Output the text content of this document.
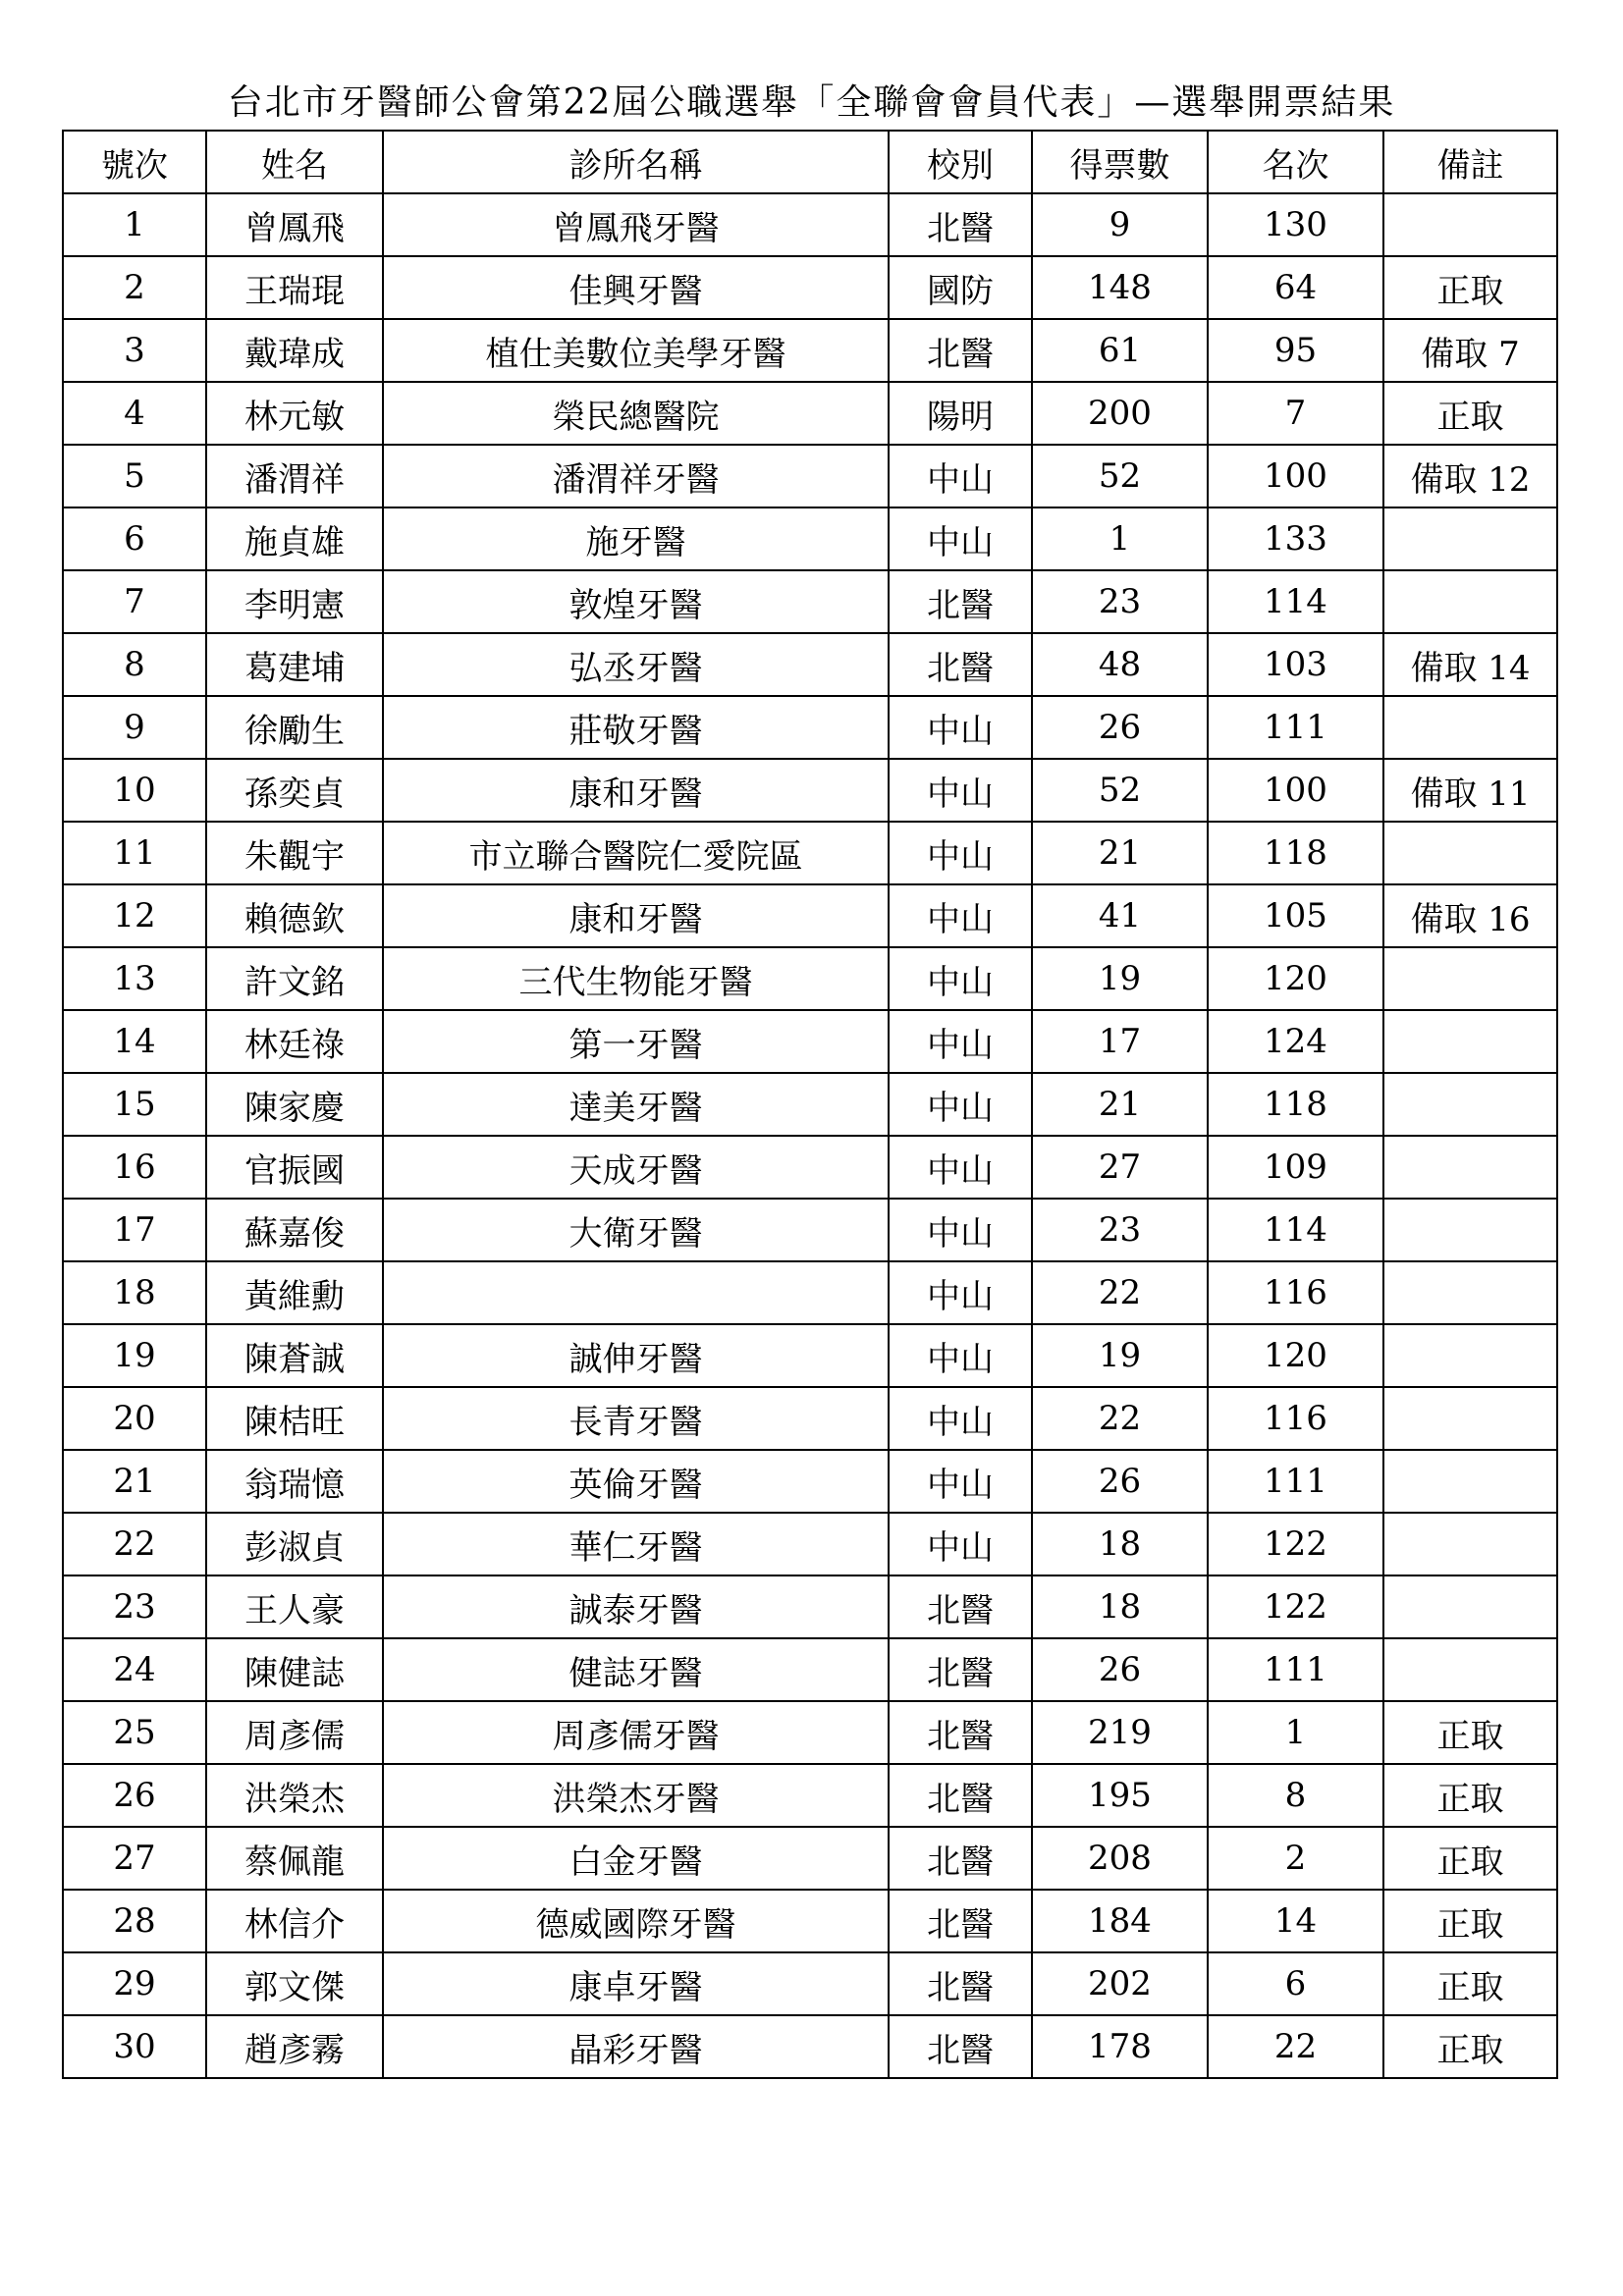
台北市牙醫師公會第22屆公職選舉「全聯會會員代表」—選舉開票結果
號次	姓名	診所名稱	校別	得票數	名次	備註
1	曾鳳飛	曾鳳飛牙醫	北醫	9	130	
2	王瑞琨	佳興牙醫	國防	148	64	正取
3	戴瑋成	植仕美數位美學牙醫	北醫	61	95	備取 7
4	林元敏	榮民總醫院	陽明	200	7	正取
5	潘渭祥	潘渭祥牙醫	中山	52	100	備取 12
6	施貞雄	施牙醫	中山	1	133	
7	李明憲	敦煌牙醫	北醫	23	114	
8	葛建埔	弘丞牙醫	北醫	48	103	備取 14
9	徐勵生	莊敬牙醫	中山	26	111	
10	孫奕貞	康和牙醫	中山	52	100	備取 11
11	朱觀宇	市立聯合醫院仁愛院區	中山	21	118	
12	賴德欽	康和牙醫	中山	41	105	備取 16
13	許文銘	三代生物能牙醫	中山	19	120	
14	林廷祿	第一牙醫	中山	17	124	
15	陳家慶	達美牙醫	中山	21	118	
16	官振國	天成牙醫	中山	27	109	
17	蘇嘉俊	大衛牙醫	中山	23	114	
18	黃維勳		中山	22	116	
19	陳蒼誠	誠伸牙醫	中山	19	120	
20	陳桔旺	長青牙醫	中山	22	116	
21	翁瑞憶	英倫牙醫	中山	26	111	
22	彭淑貞	華仁牙醫	中山	18	122	
23	王人豪	誠泰牙醫	北醫	18	122	
24	陳健誌	健誌牙醫	北醫	26	111	
25	周彥儒	周彥儒牙醫	北醫	219	1	正取
26	洪榮杰	洪榮杰牙醫	北醫	195	8	正取
27	蔡佩龍	白金牙醫	北醫	208	2	正取
28	林信介	德威國際牙醫	北醫	184	14	正取
29	郭文傑	康卓牙醫	北醫	202	6	正取
30	趙彥霧	晶彩牙醫	北醫	178	22	正取
